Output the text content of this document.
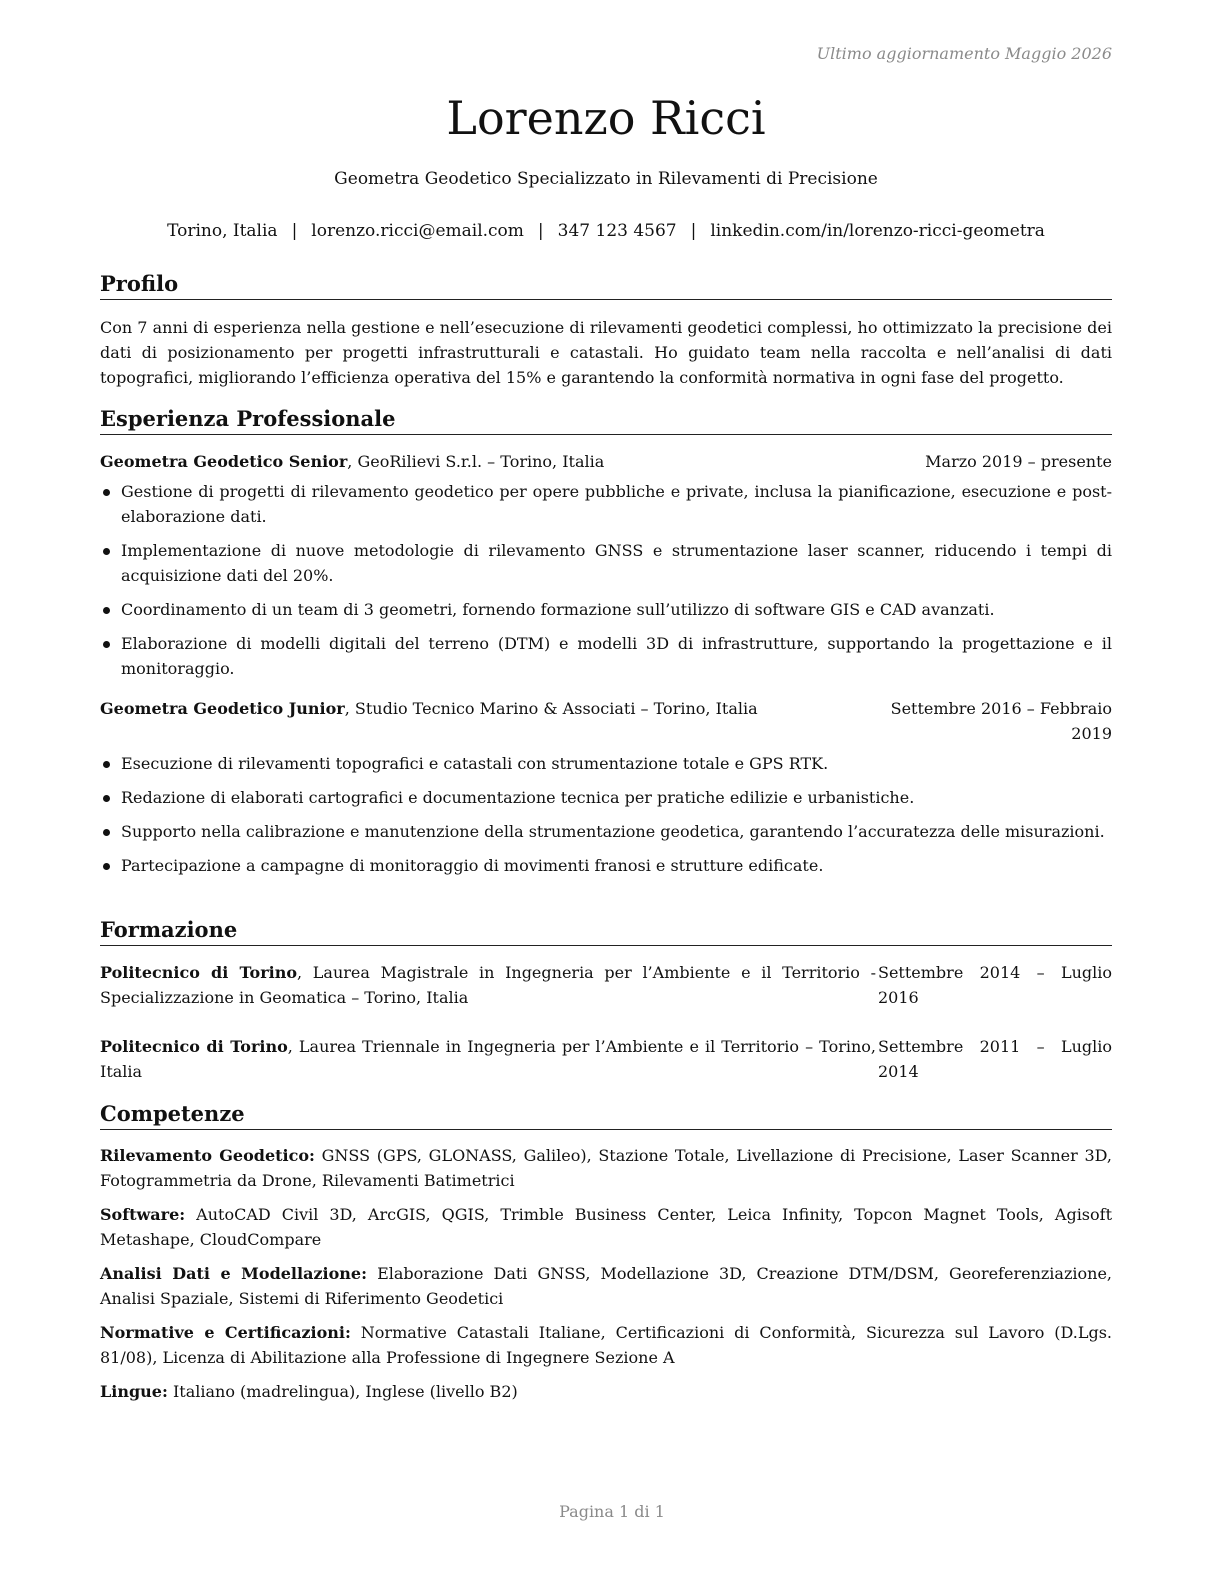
Ultimo aggiornamento Maggio 2026
Lorenzo Ricci
Geometra Geodetico Specializzato in Rilevamenti di Precisione
Torino, Italia | lorenzo.ricci@email.com | 347 123 4567 | linkedin.com/in/lorenzo-ricci-geometra
Profilo
Con 7 anni di esperienza nella gestione e nell’esecuzione di rilevamenti geodetici complessi, ho ottimizzato la precisione dei dati di posizionamento per progetti infrastrutturali e catastali. Ho guidato team nella raccolta e nell’analisi di dati topografici, migliorando l’efficienza operativa del 15% e garantendo la conformità normativa in ogni fase del progetto.
Esperienza Professionale
Geometra Geodetico Senior, GeoRilievi S.r.l. – Torino, Italia	Marzo 2019 – presente
Gestione di progetti di rilevamento geodetico per opere pubbliche e private, inclusa la pianificazione, esecuzione e post-elaborazione dati.
Implementazione di nuove metodologie di rilevamento GNSS e strumentazione laser scanner, riducendo i tempi di acquisizione dati del 20%.
Coordinamento di un team di 3 geometri, fornendo formazione sull’utilizzo di software GIS e CAD avanzati.
Elaborazione di modelli digitali del terreno (DTM) e modelli 3D di infrastrutture, supportando la progettazione e il monitoraggio.
Geometra Geodetico Junior, Studio Tecnico Marino & Associati – Torino, Italia	Settembre 2016 – Febbraio 2019
Esecuzione di rilevamenti topografici e catastali con strumentazione totale e GPS RTK.
Redazione di elaborati cartografici e documentazione tecnica per pratiche edilizie e urbanistiche.
Supporto nella calibrazione e manutenzione della strumentazione geodetica, garantendo l’accuratezza delle misurazioni.
Partecipazione a campagne di monitoraggio di movimenti franosi e strutture edificate.
Formazione
Politecnico di Torino, Laurea Magistrale in Ingegneria per l’Ambiente e il Territorio - Specializzazione in Geomatica – Torino, Italia
Settembre 2014 – Luglio 2016
Politecnico di Torino, Laurea Triennale in Ingegneria per l’Ambiente e il Territorio – Torino, Italia
Settembre 2011 – Luglio 2014
Competenze
Rilevamento Geodetico: GNSS (GPS, GLONASS, Galileo), Stazione Totale, Livellazione di Precisione, Laser Scanner 3D, Fotogrammetria da Drone, Rilevamenti Batimetrici
Software: AutoCAD Civil 3D, ArcGIS, QGIS, Trimble Business Center, Leica Infinity, Topcon Magnet Tools, Agisoft Metashape, CloudCompare
Analisi Dati e Modellazione: Elaborazione Dati GNSS, Modellazione 3D, Creazione DTM/DSM, Georeferenziazione, Analisi Spaziale, Sistemi di Riferimento Geodetici
Normative e Certificazioni: Normative Catastali Italiane, Certificazioni di Conformità, Sicurezza sul Lavoro (D.Lgs. 81/08), Licenza di Abilitazione alla Professione di Ingegnere Sezione A
Lingue: Italiano (madrelingua), Inglese (livello B2)
Pagina 1 di 1
